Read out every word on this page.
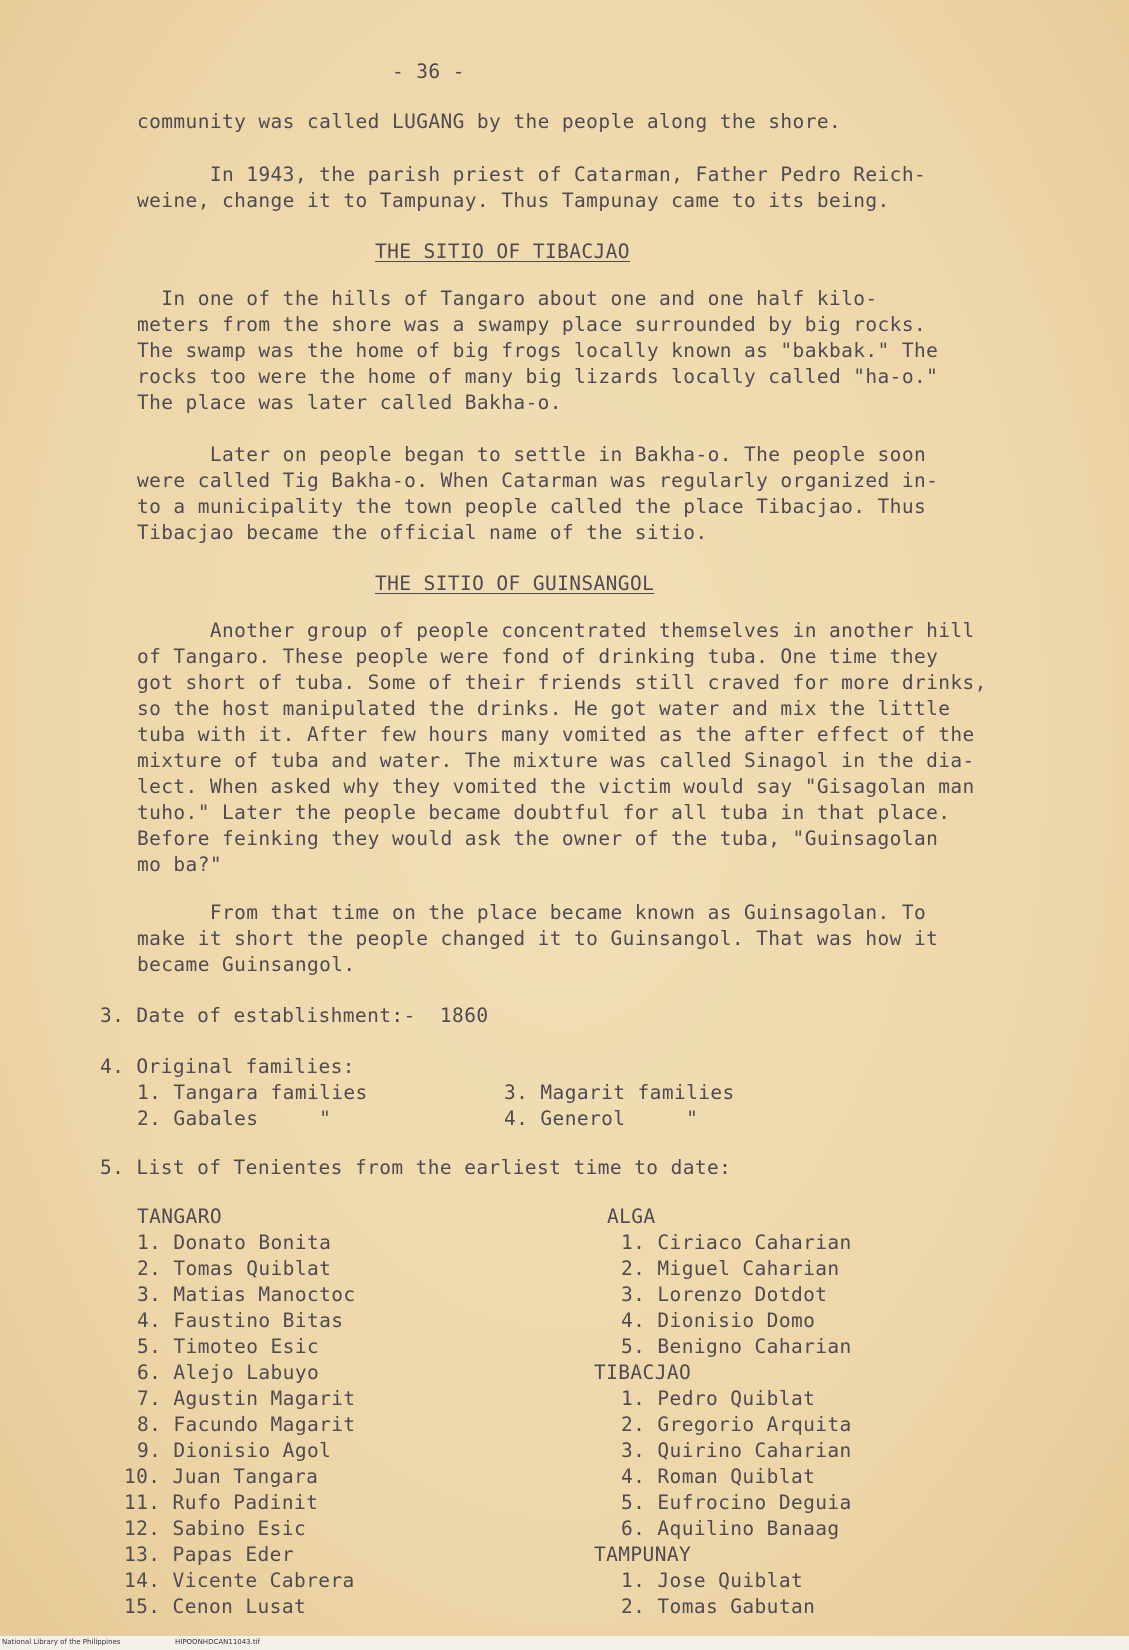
- 36 -
community was called LUGANG by the people along the shore.
In 1943, the parish priest of Catarman, Father Pedro Reich-
weine, change it to Tampunay. Thus Tampunay came to its being.
THE SITIO OF TIBACJAO
In one of the hills of Tangaro about one and one half kilo-
meters from the shore was a swampy place surrounded by big rocks.
The swamp was the home of big frogs locally known as "bakbak." The
rocks too were the home of many big lizards locally called "ha-o."
The place was later called Bakha-o.
Later on people began to settle in Bakha-o. The people soon
were called Tig Bakha-o. When Catarman was regularly organized in-
to a municipality the town people called the place Tibacjao. Thus
Tibacjao became the official name of the sitio.
THE SITIO OF GUINSANGOL
Another group of people concentrated themselves in another hill
of Tangaro. These people were fond of drinking tuba. One time they
got short of tuba. Some of their friends still craved for more drinks,
so the host manipulated the drinks. He got water and mix the little
tuba with it. After few hours many vomited as the after effect of the
mixture of tuba and water. The mixture was called Sinagol in the dia-
lect. When asked why they vomited the victim would say "Gisagolan man
tuho." Later the people became doubtful for all tuba in that place.
Before feinking they would ask the owner of the tuba, "Guinsagolan
mo ba?"
From that time on the place became known as Guinsagolan. To
make it short the people changed it to Guinsangol. That was how it
became Guinsangol.
3. Date of establishment:-  1860
4. Original families:
1. Tangara families
2. Gabales     "
3. Magarit families
4. Generol     "
5. List of Tenientes from the earliest time to date:
TANGARO
1. Donato Bonita
2. Tomas Quiblat
3. Matias Manoctoc
4. Faustino Bitas
5. Timoteo Esic
6. Alejo Labuyo
7. Agustin Magarit
8. Facundo Magarit
9. Dionisio Agol
10. Juan Tangara
11. Rufo Padinit
12. Sabino Esic
13. Papas Eder
14. Vicente Cabrera
15. Cenon Lusat
ALGA
1. Ciriaco Caharian
2. Miguel Caharian
3. Lorenzo Dotdot
4. Dionisio Domo
5. Benigno Caharian
TIBACJAO
1. Pedro Quiblat
2. Gregorio Arquita
3. Quirino Caharian
4. Roman Quiblat
5. Eufrocino Deguia
6. Aquilino Banaag
TAMPUNAY
1. Jose Quiblat
2. Tomas Gabutan
National Library of the Philippines	HIPOONHDCAN11043.tif
